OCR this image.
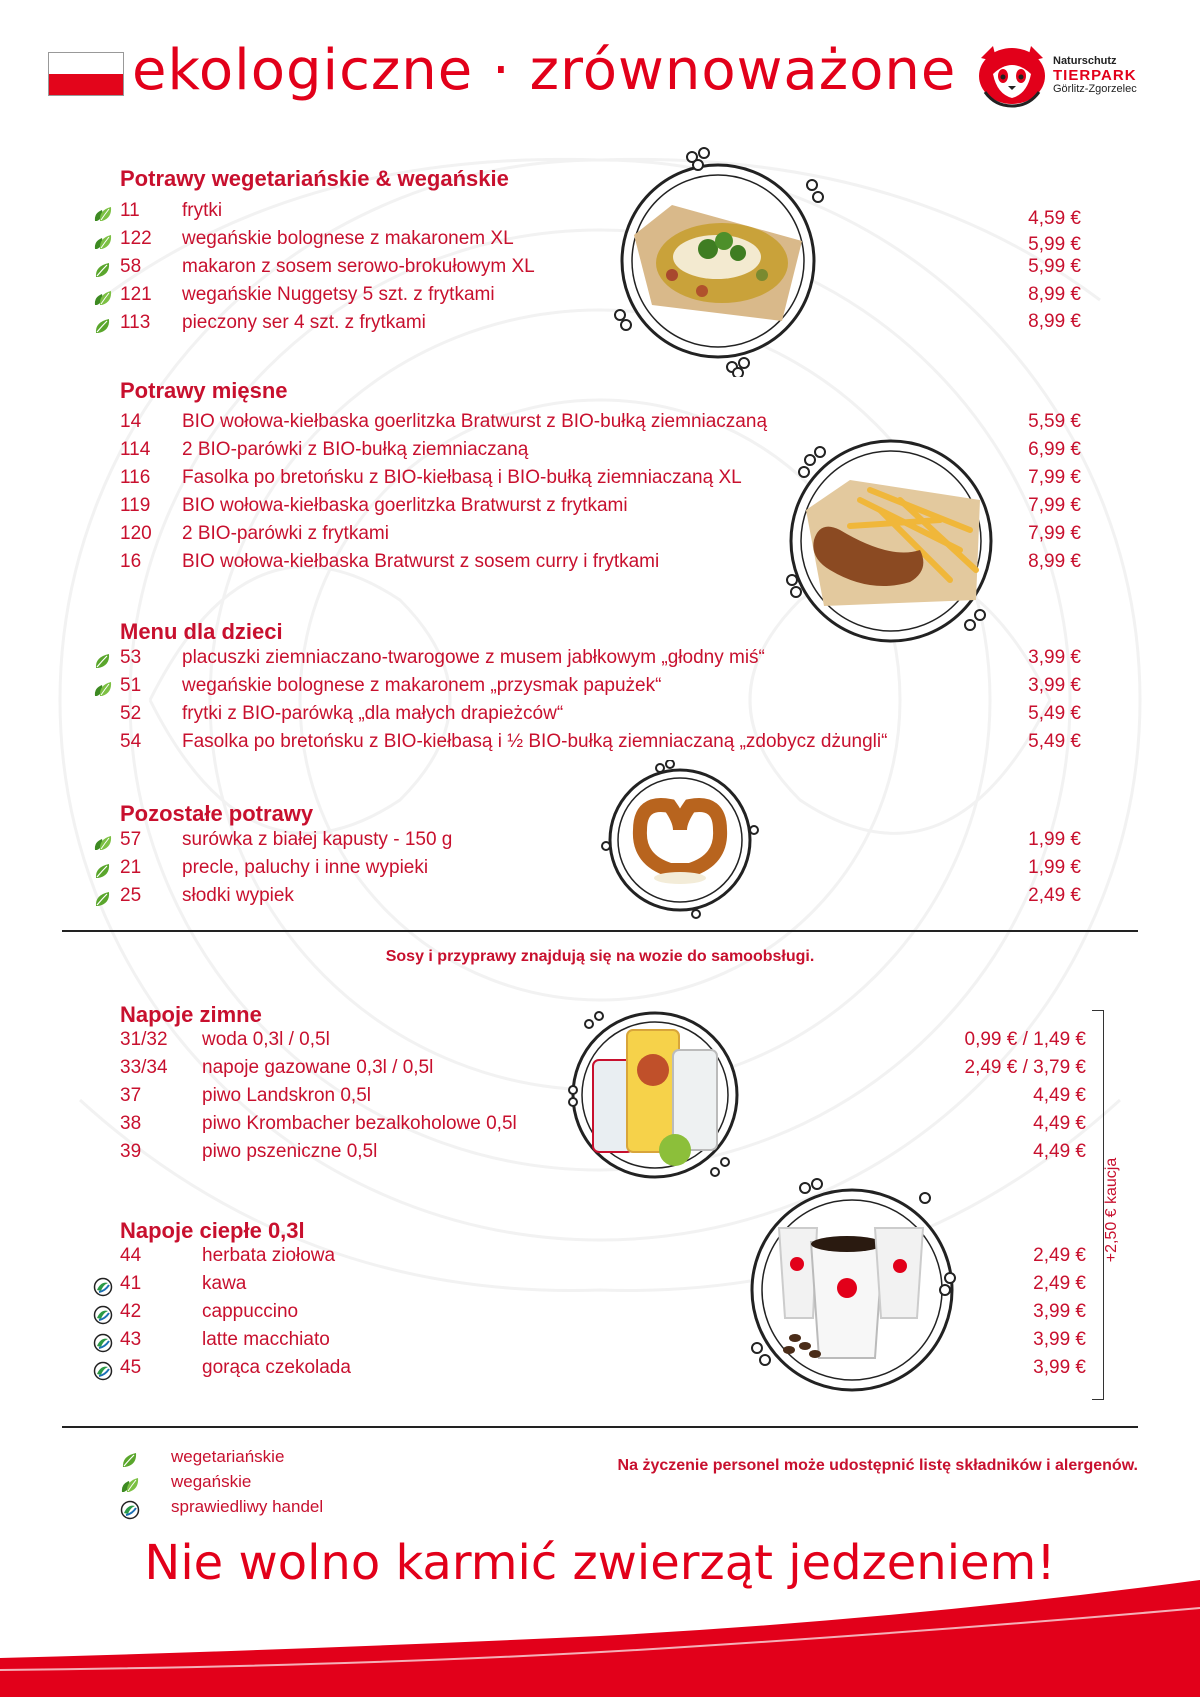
ekologiczne · zrównoważone	Naturschutz
TIERPARK
Görlitz-Zgorzelec
Potrawy wegetariańskie & wegańskie
11 frytki	4,59 €
122 wegańskie bolognese z makaronem XL	5,99 €
58 makaron z sosem serowo-brokułowym XL	5,99 €
121 wegańskie Nuggetsy 5 szt. z frytkami	8,99 €
113 pieczony ser 4 szt. z frytkami	8,99 €
Potrawy mięsne
14 BIO wołowa-kiełbaska goerlitzka Bratwurst z BIO-bułką ziemniaczaną	5,59 €
114 2 BIO-parówki z BIO-bułką ziemniaczaną	6,99 €
116 Fasolka po bretońsku z BIO-kiełbasą i BIO-bułką ziemniaczaną XL	7,99 €
119 BIO wołowa-kiełbaska goerlitzka Bratwurst z frytkami	7,99 €
120 2 BIO-parówki z frytkami	7,99 €
16 BIO wołowa-kiełbaska Bratwurst z sosem curry i frytkami	8,99 €
Menu dla dzieci
53 placuszki ziemniaczano-twarogowe z musem jabłkowym „głodny miś“	3,99 €
51 wegańskie bolognese z makaronem „przysmak papużek“	3,99 €
52 frytki z BIO-parówką „dla małych drapieżców“	5,49 €
54 Fasolka po bretońsku z BIO-kiełbasą i ½ BIO-bułką ziemniaczaną „zdobycz dżungli“	5,49 €
Pozostałe potrawy
57 surówka z białej kapusty - 150 g	1,99 €
21 precle, paluchy i inne wypieki	1,99 €
25 słodki wypiek	2,49 €
Sosy i przyprawy znajdują się na wozie do samoobsługi.
Napoje zimne
31/32 woda 0,3l / 0,5l	0,99 € / 1,49 €
33/34 napoje gazowane 0,3l / 0,5l	2,49 € / 3,79 €
37	piwo Landskron 0,5l	4,49 €
38	piwo Krombacher bezalkoholowe 0,5l	4,49 €
39	piwo pszeniczne 0,5l	4,49 €
Napoje ciepłe 0,3l
44	herbata ziołowa	2,49 €
41	kawa	2,49 €
42	cappuccino	3,99 €
43	latte macchiato	3,99 €
45	gorąca czekolada	3,99 €
+2,50 € kaucja
wegetariańskie
wegańskie
sprawiedliwy handel
Na życzenie personel może udostępnić listę składników i alergenów.
Nie wolno karmić zwierząt jedzeniem!
